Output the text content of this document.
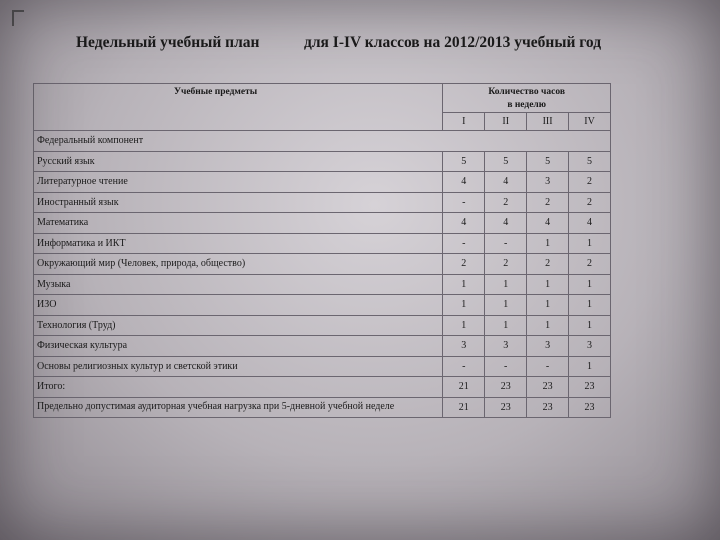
Недельный учебный план	для I-IV классов на 2012/2013 учебный год
Учебные предметы	Количество часов
в неделю			
	I	II	III	IV
Федеральный компонент				
Русский язык	5	5	5	5
Литературное чтение	4	4	3	2
Иностранный язык	-	2	2	2
Математика	4	4	4	4
Информатика и ИКТ	-	-	1	1
Окружающий мир (Человек, природа, общество)	2	2	2	2
Музыка	1	1	1	1
ИЗО	1	1	1	1
Технология (Труд)	1	1	1	1
Физическая культура	3	3	3	3
Основы религиозных культур и светской этики	-	-	-	1
Итого:	21	23	23	23
Предельно допустимая аудиторная учебная нагрузка при 5-дневной учебной неделе	21	23	23	23
